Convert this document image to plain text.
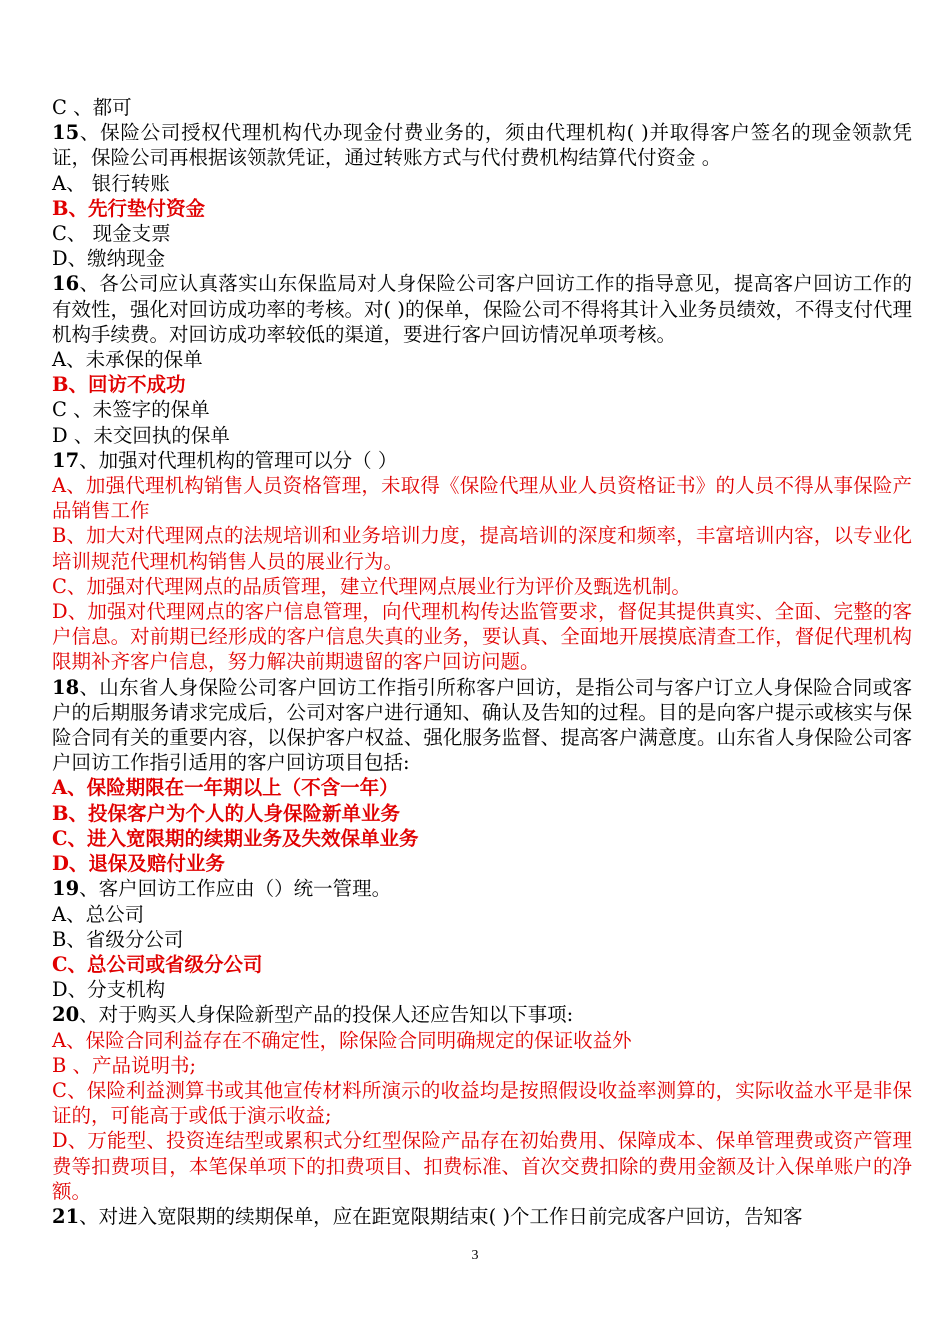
C 、都可

15、保险公司授权代理机构代办现金付费业务的，须由代理机构( )并取得客户签名的现金领款凭证，保险公司再根据该领款凭证，通过转账方式与代付费机构结算代付资金 。

A、 银行转账

B、先行垫付资金

C、 现金支票

D、缴纳现金

16、各公司应认真落实山东保监局对人身保险公司客户回访工作的指导意见，提高客户回访工作的有效性，强化对回访成功率的考核。对( )的保单，保险公司不得将其计入业务员绩效，不得支付代理机构手续费。对回访成功率较低的渠道，要进行客户回访情况单项考核。

A、未承保的保单

B、回访不成功

C 、未签字的保单

D 、未交回执的保单

17、加强对代理机构的管理可以分（ ）

A、加强代理机构销售人员资格管理，未取得《保险代理从业人员资格证书》的人员不得从事保险产品销售工作

B、加大对代理网点的法规培训和业务培训力度，提高培训的深度和频率，丰富培训内容，以专业化培训规范代理机构销售人员的展业行为。

C、加强对代理网点的品质管理，建立代理网点展业行为评价及甄选机制。

D、加强对代理网点的客户信息管理，向代理机构传达监管要求，督促其提供真实、全面、完整的客户信息。对前期已经形成的客户信息失真的业务，要认真、全面地开展摸底清查工作，督促代理机构限期补齐客户信息，努力解决前期遗留的客户回访问题。

18、山东省人身保险公司客户回访工作指引所称客户回访，是指公司与客户订立人身保险合同或客户的后期服务请求完成后，公司对客户进行通知、确认及告知的过程。目的是向客户提示或核实与保险合同有关的重要内容，以保护客户权益、强化服务监督、提高客户满意度。山东省人身保险公司客户回访工作指引适用的客户回访项目包括:

A、保险期限在一年期以上（不含一年）

B、投保客户为个人的人身保险新单业务

C、进入宽限期的续期业务及失效保单业务

D、退保及赔付业务

19、客户回访工作应由（）统一管理。

A、总公司

B、省级分公司

C、总公司或省级分公司

D、分支机构

20、对于购买人身保险新型产品的投保人还应告知以下事项:

A、保险合同利益存在不确定性，除保险合同明确规定的保证收益外

B 、产品说明书;

C、保险利益测算书或其他宣传材料所演示的收益均是按照假设收益率测算的，实际收益水平是非保证的，可能高于或低于演示收益;

D、万能型、投资连结型或累积式分红型保险产品存在初始费用、保障成本、保单管理费或资产管理费等扣费项目，本笔保单项下的扣费项目、扣费标准、首次交费扣除的费用金额及计入保单账户的净额。

21、对进入宽限期的续期保单，应在距宽限期结束( )个工作日前完成客户回访，告知客

3
